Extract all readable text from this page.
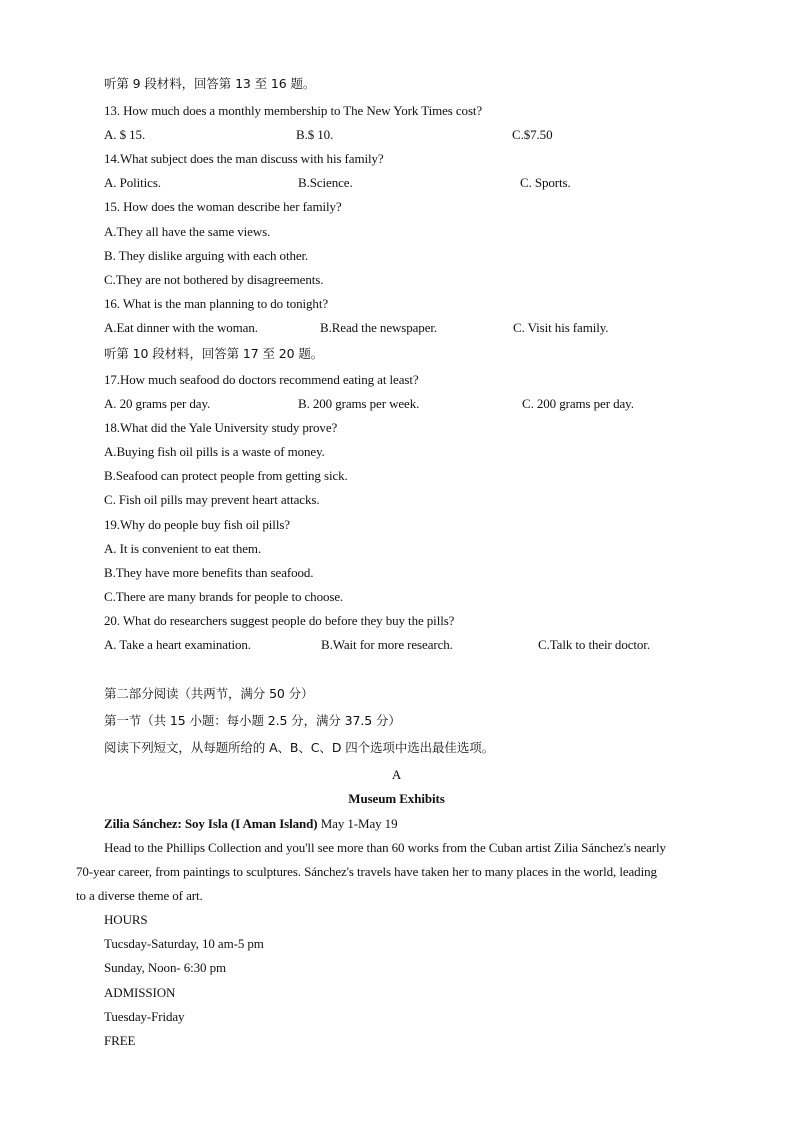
听第 9 段材料，回答第 13 至 16 题。
13. How much does a monthly membership to The New York Times cost?
A. $ 15.	B.$ 10.	C.$7.50
14.What subject does the man discuss with his family?
A. Politics.	B.Science.	C. Sports.
15. How does the woman describe her family?
A.They all have the same views.
B. They dislike arguing with each other.
C.They are not bothered by disagreements.
16. What is the man planning to do tonight?
A.Eat dinner with the woman.	B.Read the newspaper.	C. Visit his family.
听第 10 段材料，回答第 17 至 20 题。
17.How much seafood do doctors recommend eating at least?
A. 20 grams per day.	B. 200 grams per week.	C. 200 grams per day.
18.What did the Yale University study prove?
A.Buying fish oil pills is a waste of money.
B.Seafood can protect people from getting sick.
C. Fish oil pills may prevent heart attacks.
19.Why do people buy fish oil pills?
A. It is convenient to eat them.
B.They have more benefits than seafood.
C.There are many brands for people to choose.
20. What do researchers suggest people do before they buy the pills?
A. Take a heart examination.	B.Wait for more research.	C.Talk to their doctor.
第二部分阅读（共两节，满分 50 分）
第一节（共 15 小题：每小题 2.5 分，满分 37.5 分）
阅读下列短文，从每题所给的 A、B、C、D 四个选项中选出最佳选项。
A
Museum Exhibits
Zilia Sánchez: Soy Isla (I Aman Island) May 1-May 19
Head to the Phillips Collection and you'll see more than 60 works from the Cuban artist Zilia Sánchez's nearly
70-year career, from paintings to sculptures. Sánchez's travels have taken her to many places in the world, leading
to a diverse theme of art.
HOURS
Tucsday-Saturday, 10 am-5 pm
Sunday, Noon- 6:30 pm
ADMISSION
Tuesday-Friday
FREE
